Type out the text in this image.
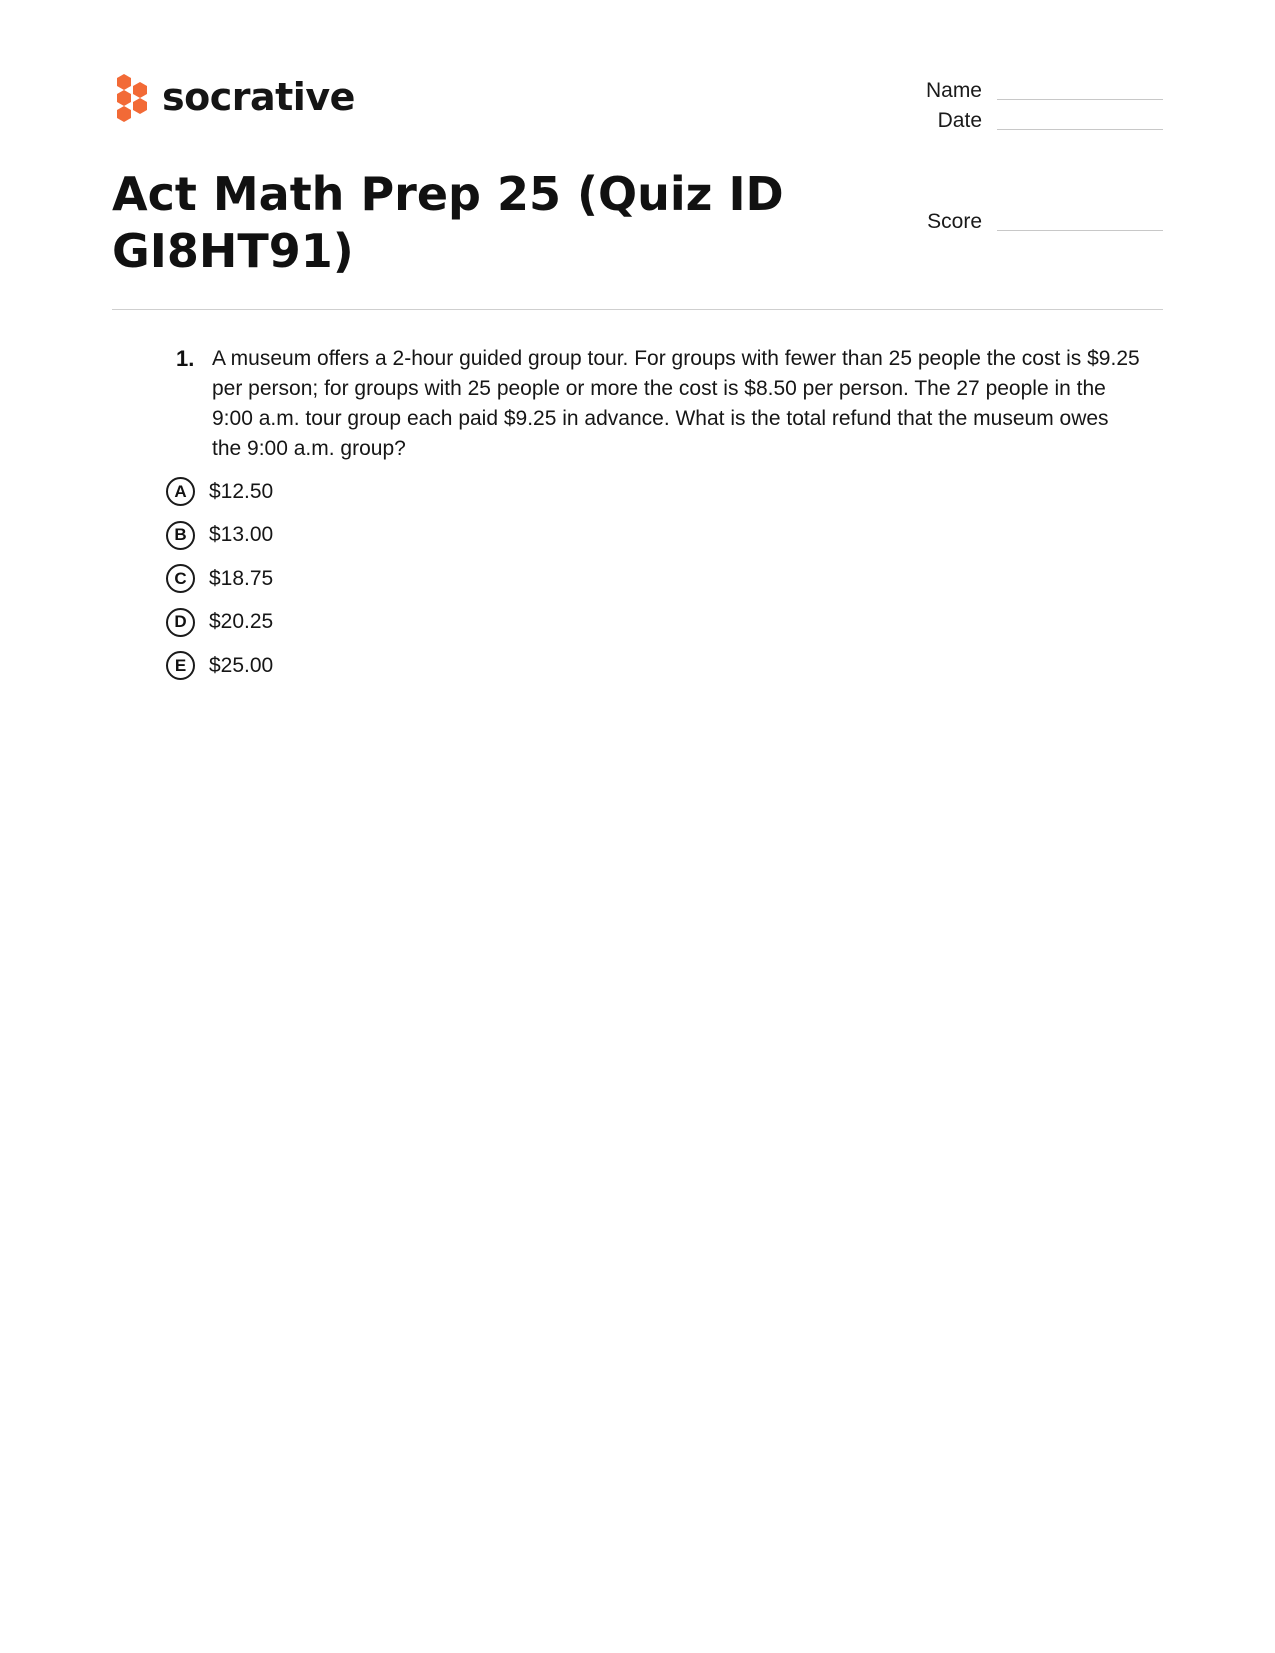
socrative	Name
Date
Score
Act Math Prep 25 (Quiz ID GI8HT91)
1. A museum offers a 2-hour guided group tour. For groups with fewer than 25 people the cost is $9.25 per person; for groups with 25 people or more the cost is $8.50 per person. The 27 people in the 9:00 a.m. tour group each paid $9.25 in advance. What is the total refund that the museum owes the 9:00 a.m. group?
A	$12.50
B	$13.00
C	$18.75
D	$20.25
E	$25.00
